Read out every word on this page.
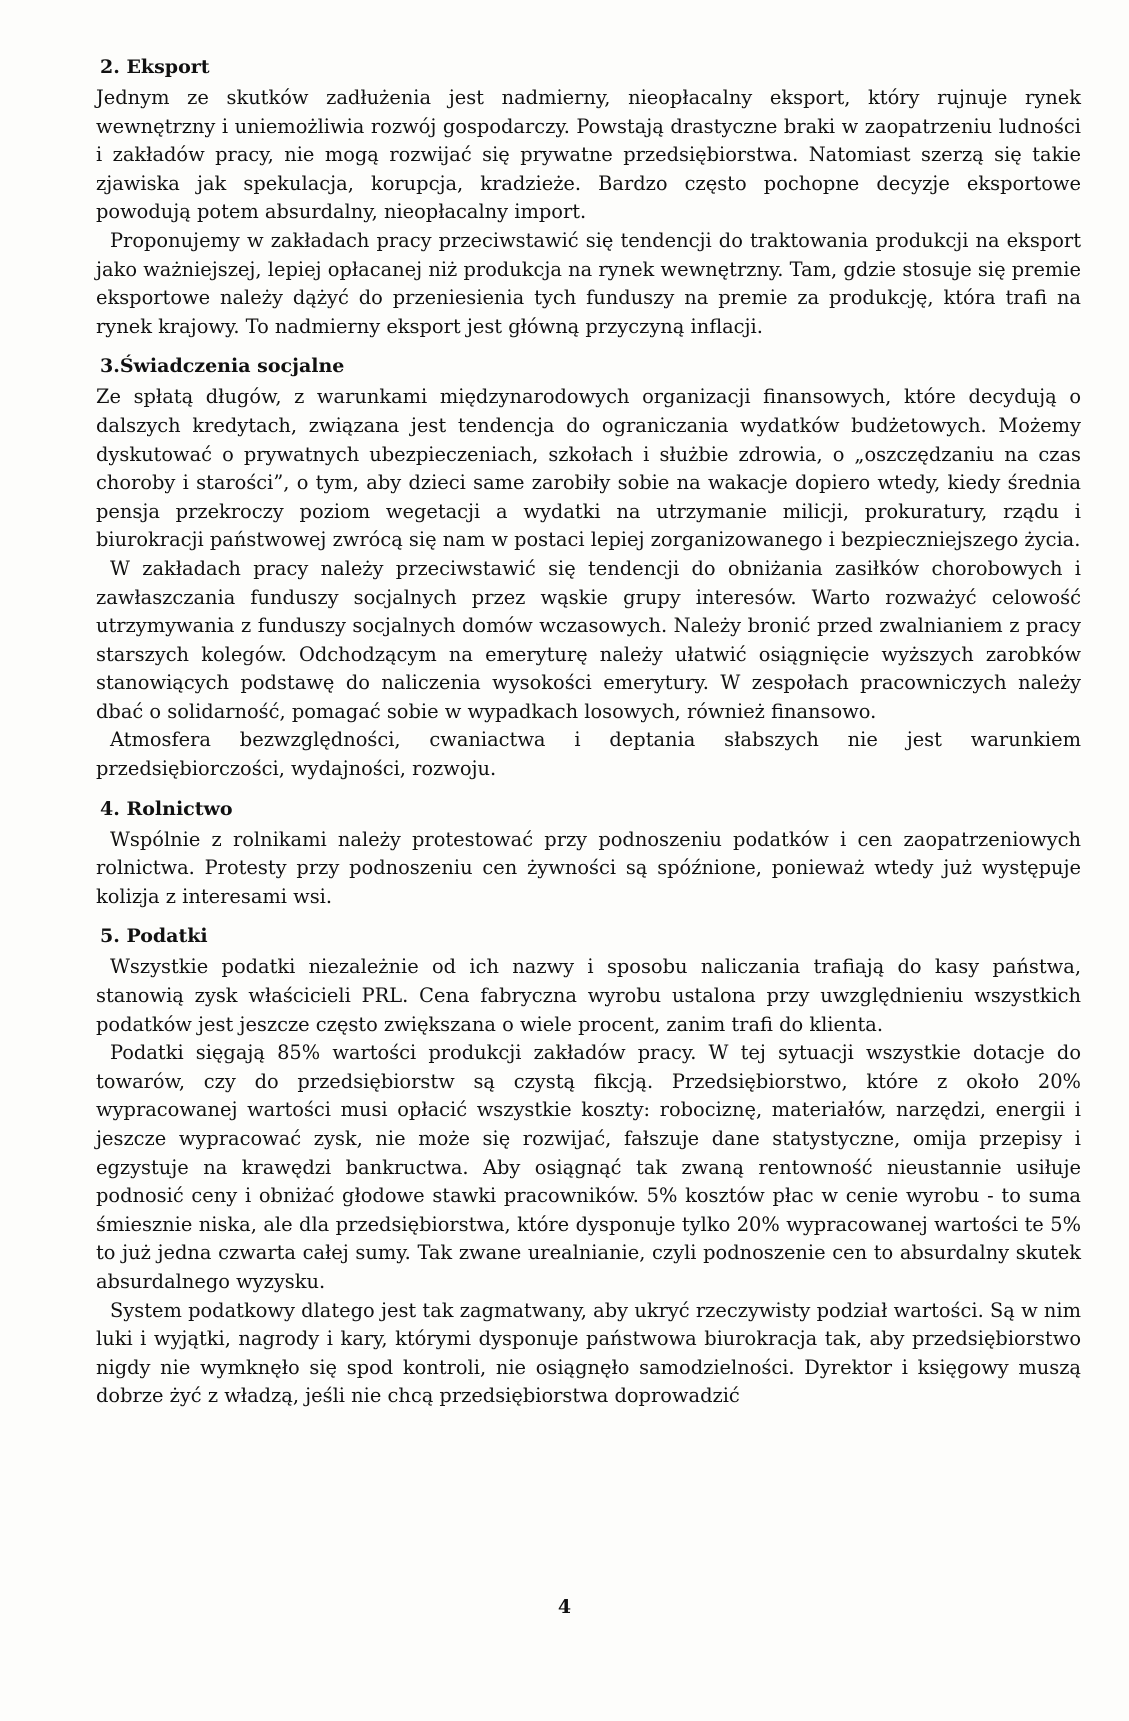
2. Eksport

Jednym ze skutków zadłużenia jest nadmierny, nieopłacalny eksport, który rujnuje rynek wewnętrzny i uniemożliwia rozwój gospodarczy. Powstają drastyczne braki w zaopatrzeniu ludności i zakładów pracy, nie mogą rozwijać się prywatne przedsiębiorstwa. Natomiast szerzą się takie zjawiska jak spekulacja, korupcja, kradzieże. Bardzo często pochopne decyzje eksportowe powodują potem absurdalny, nieopłacalny import.

Proponujemy w zakładach pracy przeciwstawić się tendencji do traktowania produkcji na eksport jako ważniejszej, lepiej opłacanej niż produkcja na rynek wewnętrzny. Tam, gdzie stosuje się premie eksportowe należy dążyć do przeniesienia tych funduszy na premie za produkcję, która trafi na rynek krajowy. To nadmierny eksport jest główną przyczyną inflacji.

3.Świadczenia socjalne

Ze spłatą długów, z warunkami międzynarodowych organizacji finansowych, które decydują o dalszych kredytach, związana jest tendencja do ograniczania wydatków budżetowych. Możemy dyskutować o prywatnych ubezpieczeniach, szkołach i służbie zdrowia, o „oszczędzaniu na czas choroby i starości”, o tym, aby dzieci same zarobiły sobie na wakacje dopiero wtedy, kiedy średnia pensja przekroczy poziom wegetacji a wydatki na utrzymanie milicji, prokuratury, rządu i biurokracji państwowej zwrócą się nam w postaci lepiej zorganizowanego i bezpieczniejszego życia.

W zakładach pracy należy przeciwstawić się tendencji do obniżania zasiłków chorobowych i zawłaszczania funduszy socjalnych przez wąskie grupy interesów. Warto rozważyć celowość utrzymywania z funduszy socjalnych domów wczasowych. Należy bronić przed zwalnianiem z pracy starszych kolegów. Odchodzącym na emeryturę należy ułatwić osiągnięcie wyższych zarobków stanowiących podstawę do naliczenia wysokości emerytury. W zespołach pracowniczych należy dbać o solidarność, pomagać sobie w wypadkach losowych, również finansowo.

Atmosfera bezwzględności, cwaniactwa i deptania słabszych nie jest warunkiem przedsiębiorczości, wydajności, rozwoju.

4. Rolnictwo

Wspólnie z rolnikami należy protestować przy podnoszeniu podatków i cen zaopatrzeniowych rolnictwa. Protesty przy podnoszeniu cen żywności są spóźnione, ponieważ wtedy już występuje kolizja z interesami wsi.

5. Podatki

Wszystkie podatki niezależnie od ich nazwy i sposobu naliczania trafiają do kasy państwa, stanowią zysk właścicieli PRL. Cena fabryczna wyrobu ustalona przy uwzględnieniu wszystkich podatków jest jeszcze często zwiększana o wiele procent, zanim trafi do klienta.

Podatki sięgają 85% wartości produkcji zakładów pracy. W tej sytuacji wszystkie dotacje do towarów, czy do przedsiębiorstw są czystą fikcją. Przedsiębiorstwo, które z około 20% wypracowanej wartości musi opłacić wszystkie koszty: robociznę, materiałów, narzędzi, energii i jeszcze wypracować zysk, nie może się rozwijać, fałszuje dane statystyczne, omija przepisy i egzystuje na krawędzi bankructwa. Aby osiągnąć tak zwaną rentowność nieustannie usiłuje podnosić ceny i obniżać głodowe stawki pracowników. 5% kosztów płac w cenie wyrobu - to suma śmiesznie niska, ale dla przedsiębiorstwa, które dysponuje tylko 20% wypracowanej wartości te 5% to już jedna czwarta całej sumy. Tak zwane urealnianie, czyli podnoszenie cen to absurdalny skutek absurdalnego wyzysku.

System podatkowy dlatego jest tak zagmatwany, aby ukryć rzeczywisty podział wartości. Są w nim luki i wyjątki, nagrody i kary, którymi dysponuje państwowa biurokracja tak, aby przedsiębiorstwo nigdy nie wymknęło się spod kontroli, nie osiągnęło samodzielności. Dyrektor i księgowy muszą dobrze żyć z władzą, jeśli nie chcą przedsiębiorstwa doprowadzić

4
